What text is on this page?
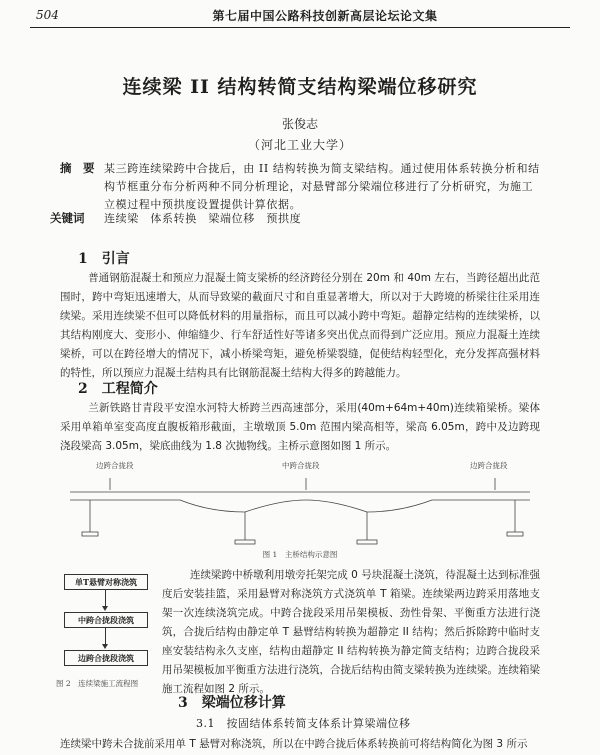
504	第七届中国公路科技创新高层论坛论文集
连续梁 II 结构转简支结构梁端位移研究
张俊志
（河北工业大学）
摘　要 某三跨连续梁跨中合拢后，由 II 结构转换为简支梁结构。通过使用体系转换分析和结构节框重分布分析两种不同分析理论，对悬臂部分梁端位移进行了分析研究，为施工立模过程中预拱度设置提供计算依据。
关键词 连续梁　体系转换　梁端位移　预拱度
1　引言
普通钢筋混凝土和预应力混凝土简支梁桥的经济跨径分别在 20m 和 40m 左右，当跨径超出此范围时，跨中弯矩迅速增大，从而导致梁的截面尺寸和自重显著增大，所以对于大跨境的桥梁往往采用连续梁。采用连续梁不但可以降低材料的用量指标，而且可以减小跨中弯矩。超静定结构的连续梁桥，以其结构刚度大、变形小、伸缩缝少、行车舒适性好等诸多突出优点而得到广泛应用。预应力混凝土连续梁桥，可以在跨径增大的情况下，减小桥梁弯矩，避免桥梁裂缝，促使结构轻型化，充分发挥高强材料的特性，所以预应力混凝土结构具有比钢筋混凝土结构大得多的跨越能力。
2　工程简介
兰新铁路甘青段平安湟水河特大桥跨兰西高速部分，采用(40m+64m+40m)连续箱梁桥。梁体采用单箱单室变高度直腹板箱形截面，主墩墩顶 5.0m 范围内梁高相等，梁高 6.05m，跨中及边跨现浇段梁高 3.05m，梁底曲线为 1.8 次抛物线。主桥示意图如图 1 所示。
边跨合拢段	中跨合拢段	边跨合拢段
图 1　主桥结构示意图
单T悬臂对称浇筑
中跨合拢段浇筑
边跨合拢段浇筑
图 2　连续梁施工流程图
连续梁跨中桥墩利用墩旁托架完成 0 号块混凝土浇筑，待混凝土达到标准强度后安装挂篮，采用悬臂对称浇筑方式浇筑单 T 箱梁。连续梁两边跨采用落地支架一次连续浇筑完成。中跨合拢段采用吊架模板、劲性骨架、平衡重方法进行浇筑，合拢后结构由静定单 T 悬臂结构转换为超静定 II 结构；然后拆除跨中临时支座安装结构永久支座，结构由超静定 II 结构转换为静定简支结构；边跨合拢段采用吊架模板加平衡重方法进行浇筑，合拢后结构由简支梁转换为连续梁。连续箱梁施工流程如图 2 所示。
3　梁端位移计算
3.1　按固结体系转简支体系计算梁端位移
连续梁中跨未合拢前采用单 T 悬臂对称浇筑，所以在中跨合拢后体系转换前可将结构简化为图 3 所示
